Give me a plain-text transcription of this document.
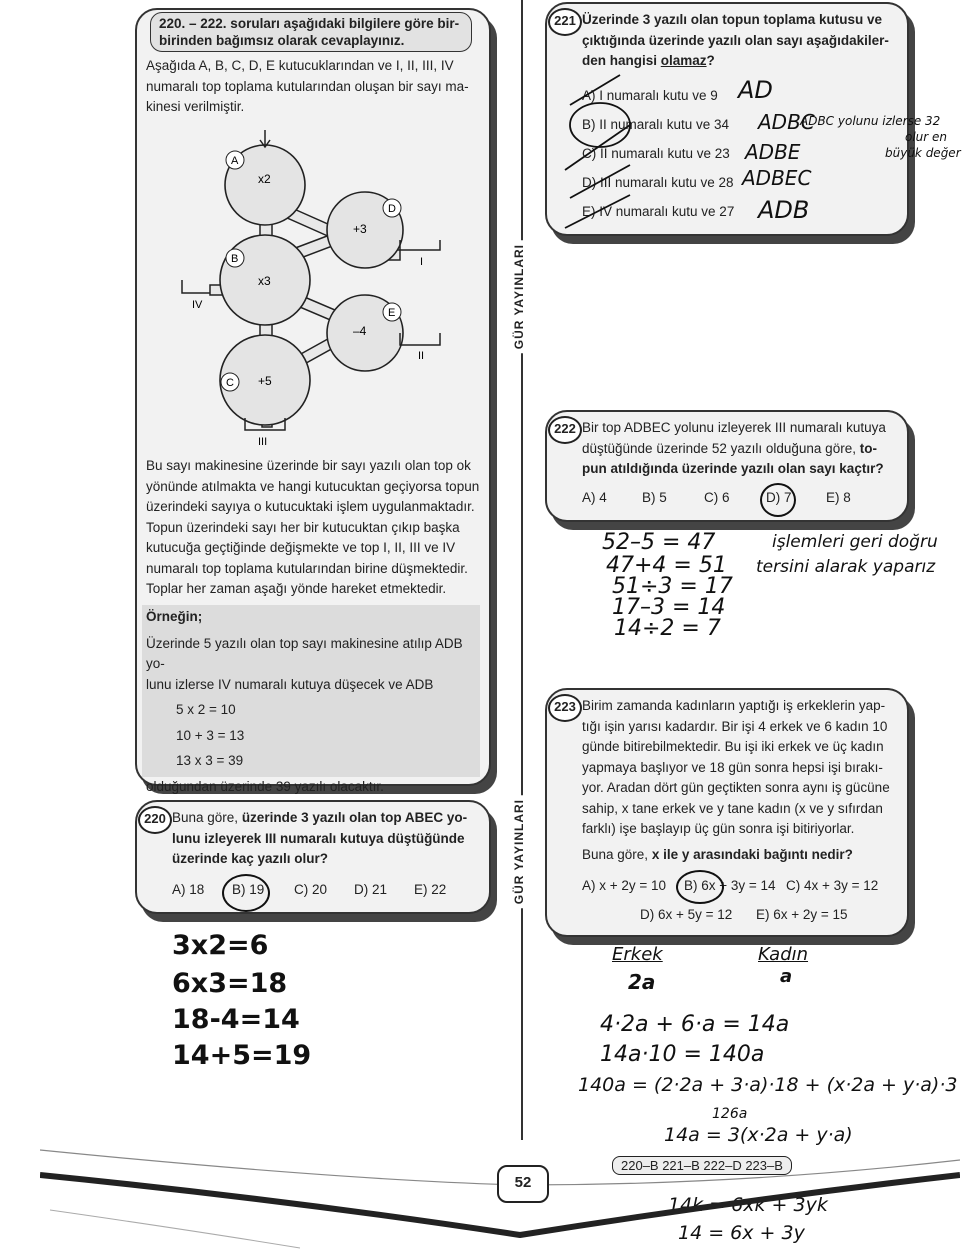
220. – 222. soruları aşağıdaki bilgilere göre bir-
birinden bağımsız olarak cevaplayınız.
Aşağıda A, B, C, D, E kutucuklarından ve I, II, III, IV
numaralı top toplama kutularından oluşan bir sayı ma-
kinesi verilmiştir.
x2
+3
x3
–4
+5
A
D
B
E
C
I
II
IV
III
Bu sayı makinesine üzerinde bir sayı yazılı olan top ok
yönünde atılmakta ve hangi kutucuktan geçiyorsa topun
üzerindeki sayıya o kutucuktaki işlem uygulanmaktadır.
Topun üzerindeki sayı her bir kutucuktan çıkıp başka
kutucuğa geçtiğinde değişmekte ve top I, II, III ve IV
numaralı top toplama kutularından birine düşmektedir.
Toplar her zaman aşağı yönde hareket etmektedir.
Örneğin;
Üzerinde 5 yazılı olan top sayı makinesine atılıp ADB yo-
lunu izlerse IV numaralı kutuya düşecek ve ADB
5 x 2 = 10
10 + 3 = 13
13 x 3 = 39
olduğundan üzerinde 39 yazılı olacaktır.
220 Buna göre, üzerinde 3 yazılı olan top ABEC yo-
lunu izleyerek III numaralı kutuya düştüğünde
üzerinde kaç yazılı olur?
A) 18 B) 19 C) 20 D) 21 E) 22
3x2=6
6x3=18
18-4=14
14+5=19
GÜR YAYINLARI
GÜR YAYINLARI
221 Üzerinde 3 yazılı olan topun toplama kutusu ve
çıktığında üzerinde yazılı olan sayı aşağıdakiler-
den hangisi olamaz?
A) I numaralı kutu ve 9
B) II numaralı kutu ve 34
C) II numaralı kutu ve 23
D) III numaralı kutu ve 28
E) IV numaralı kutu ve 27
AD
ADBC
ADBE
ADBEC
ADB
ADBC yolunu izlerse 32
olur en
büyük değer
222 Bir top ADBEC yolunu izleyerek III numaralı kutuya
düştüğünde üzerinde 52 yazılı olduğuna göre, to-
pun atıldığında üzerinde yazılı olan sayı kaçtır?
A) 4	B) 5	C) 6	D) 7	E) 8
52–5 = 47
47+4 = 51
51÷3 = 17
17–3 = 14
14÷2 = 7
işlemleri geri doğru
tersini alarak yaparız
223 Birim zamanda kadınların yaptığı iş erkeklerin yap-
tığı işin yarısı kadardır. Bir işi 4 erkek ve 6 kadın 10
günde bitirebilmektedir. Bu işi iki erkek ve üç kadın
yapmaya başlıyor ve 18 gün sonra hepsi işi bırakı-
yor. Aradan dört gün geçtikten sonra aynı iş gücüne
sahip, x tane erkek ve y tane kadın (x ve y sıfırdan
farklı) işe başlayıp üç gün sonra işi bitiriyorlar.
Buna göre, x ile y arasındaki bağıntı nedir?
A) x + 2y = 10 B) 6x + 3y = 14 C) 4x + 3y = 12
D) 6x + 5y = 12 E) 6x + 2y = 15
Erkek	Kadın
2a	a
4·2a + 6·a = 14a
14a·10 = 140a
140a = (2·2a + 3·a)·18 + (x·2a + y·a)·3
126a
14a = 3(x·2a + y·a)
14k = 6xk + 3yk
14 = 6x + 3y
52
220–B 221–B 222–D 223–B
